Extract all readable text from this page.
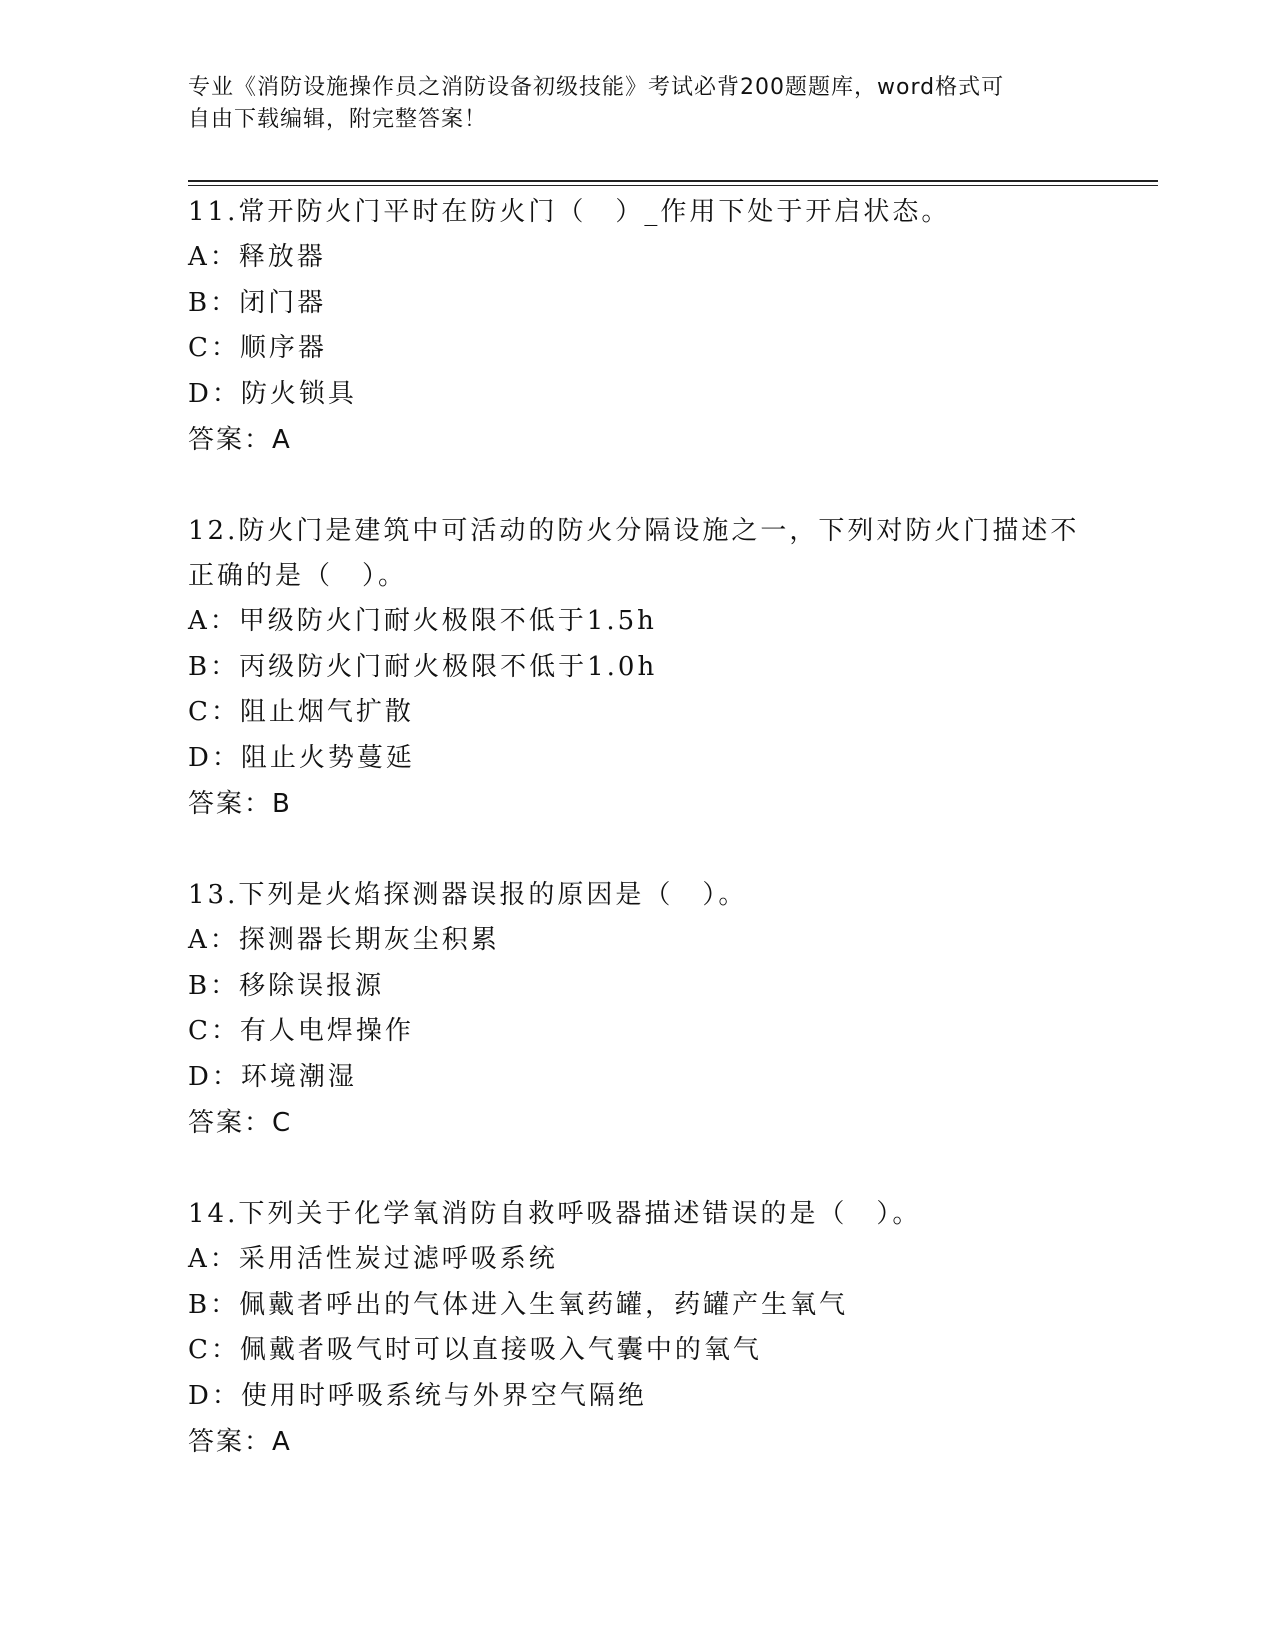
专业《消防设施操作员之消防设备初级技能》考试必背200题题库，word格式可
自由下载编辑，附完整答案！
11.常开防火门平时在防火门（　）_作用下处于开启状态。
A：释放器
B：闭门器
C：顺序器
D：防火锁具
答案：A
12.防火门是建筑中可活动的防火分隔设施之一，下列对防火门描述不
正确的是（　）。
A：甲级防火门耐火极限不低于1.5h
B：丙级防火门耐火极限不低于1.0h
C：阻止烟气扩散
D：阻止火势蔓延
答案：B
13.下列是火焰探测器误报的原因是（　）。
A：探测器长期灰尘积累
B：移除误报源
C：有人电焊操作
D：环境潮湿
答案：C
14.下列关于化学氧消防自救呼吸器描述错误的是（　）。
A：采用活性炭过滤呼吸系统
B：佩戴者呼出的气体进入生氧药罐，药罐产生氧气
C：佩戴者吸气时可以直接吸入气囊中的氧气
D：使用时呼吸系统与外界空气隔绝
答案：A
